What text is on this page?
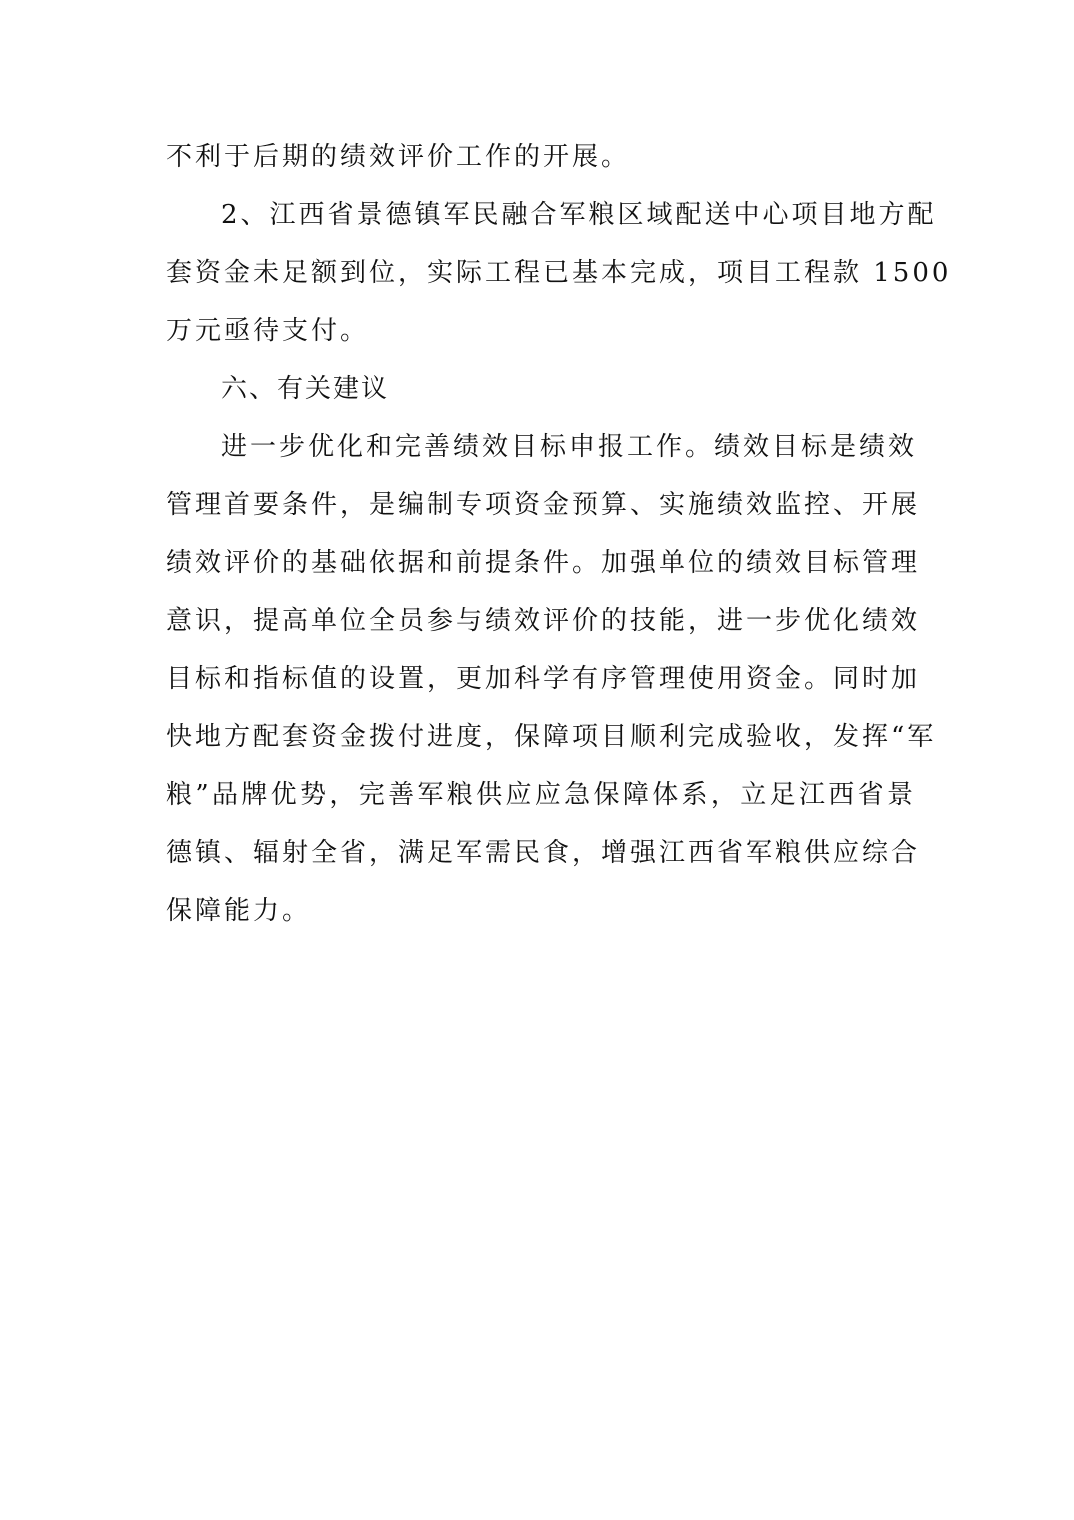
不利于后期的绩效评价工作的开展。
2、江西省景德镇军民融合军粮区域配送中心项目地方配
套资金未足额到位，实际工程已基本完成，项目工程款 1500
万元亟待支付。
六、有关建议
进一步优化和完善绩效目标申报工作。绩效目标是绩效
管理首要条件，是编制专项资金预算、实施绩效监控、开展
绩效评价的基础依据和前提条件。加强单位的绩效目标管理
意识，提高单位全员参与绩效评价的技能，进一步优化绩效
目标和指标值的设置，更加科学有序管理使用资金。同时加
快地方配套资金拨付进度，保障项目顺利完成验收，发挥“军
粮”品牌优势，完善军粮供应应急保障体系，立足江西省景
德镇、辐射全省，满足军需民食，增强江西省军粮供应综合
保障能力。
